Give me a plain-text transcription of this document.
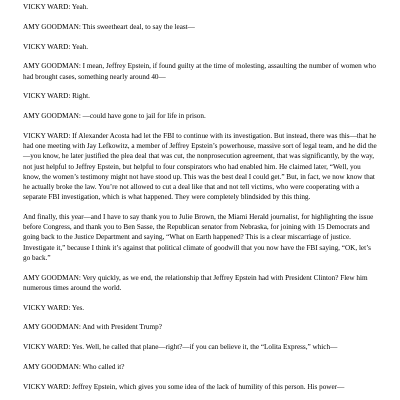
VICKY WARD: Yeah.

AMY GOODMAN: This sweetheart deal, to say the least—

VICKY WARD: Yeah.

AMY GOODMAN: I mean, Jeffrey Epstein, if found guilty at the time of molesting, assaulting the number of women who had brought cases, something nearly around 40—

VICKY WARD: Right.

AMY GOODMAN: —could have gone to jail for life in prison.

VICKY WARD: If Alexander Acosta had let the FBI to continue with its investigation. But instead, there was this—that he had one meeting with Jay Lefkowitz, a member of Jeffrey Epstein’s powerhouse, massive sort of legal team, and he did the—you know, he later justified the plea deal that was cut, the nonprosecution agreement, that was significantly, by the way, not just helpful to Jeffrey Epstein, but helpful to four conspirators who had enabled him. He claimed later, “Well, you know, the women’s testimony might not have stood up. This was the best deal I could get.” But, in fact, we now know that he actually broke the law. You’re not allowed to cut a deal like that and not tell victims, who were cooperating with a separate FBI investigation, which is what happened. They were completely blindsided by this thing.

And finally, this year—and I have to say thank you to Julie Brown, the Miami Herald journalist, for highlighting the issue before Congress, and thank you to Ben Sasse, the Republican senator from Nebraska, for joining with 15 Democrats and going back to the Justice Department and saying, “What on Earth happened? This is a clear miscarriage of justice. Investigate it,” because I think it’s against that political climate of goodwill that you now have the FBI saying, “OK, let’s go back.”

AMY GOODMAN: Very quickly, as we end, the relationship that Jeffrey Epstein had with President Clinton? Flew him numerous times around the world.

VICKY WARD: Yes.

AMY GOODMAN: And with President Trump?

VICKY WARD: Yes. Well, he called that plane—right?—if you can believe it, the “Lolita Express,” which—

AMY GOODMAN: Who called it?

VICKY WARD: Jeffrey Epstein, which gives you some idea of the lack of humility of this person. His power—
